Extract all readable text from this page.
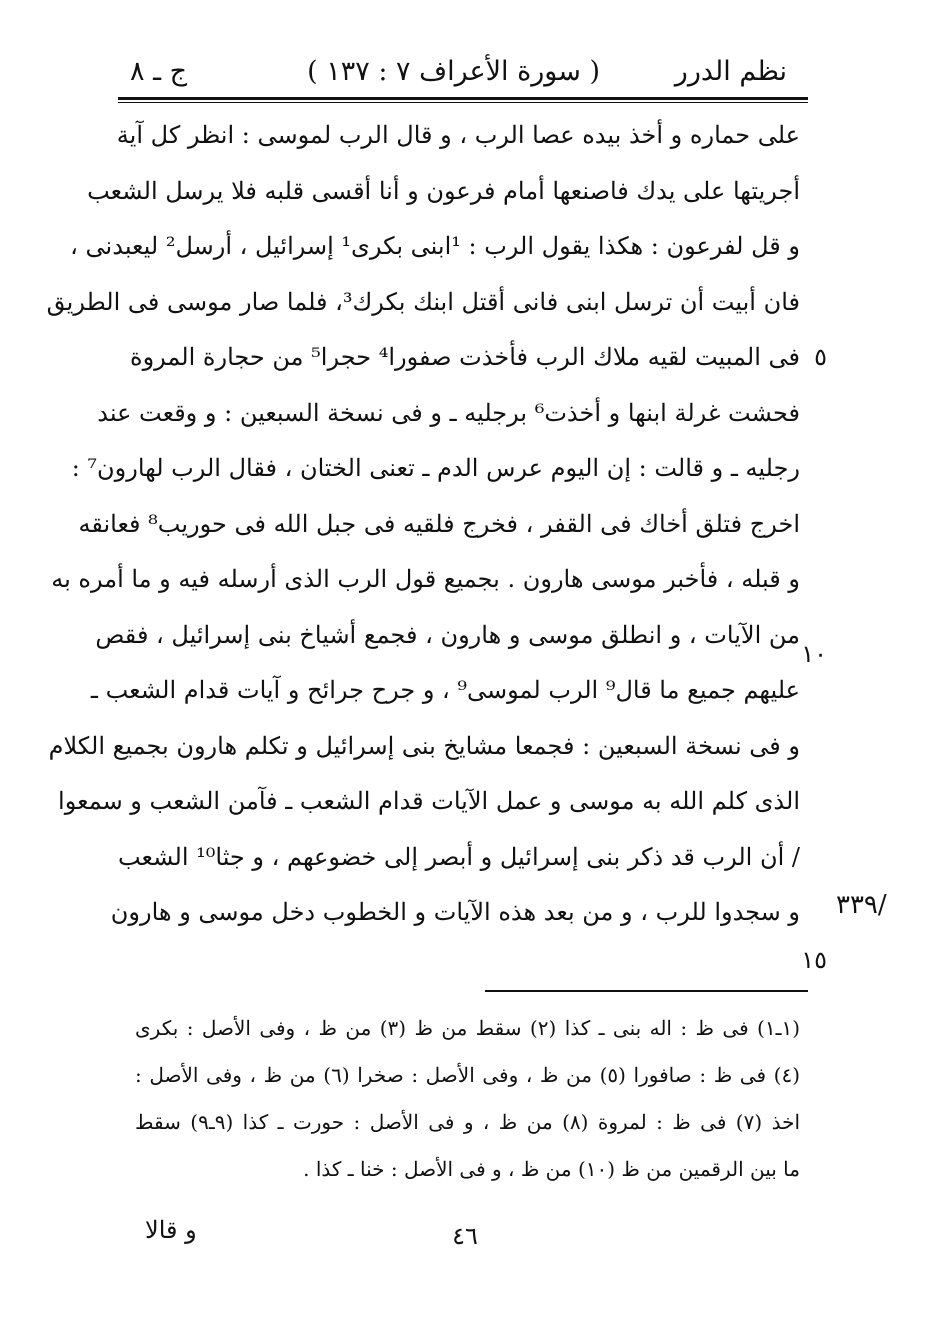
نظم الدرر
( سورة الأعراف ٧ : ١٣٧ )
ج ـ ٨
على حماره و أخذ بيده عصا الرب ، و قال الرب لموسى : انظر كل آية
أجريتها على يدك فاصنعها أمام فرعون و أنا أقسى قلبه فلا يرسل الشعب
و قل لفرعون : هكذا يقول الرب : ¹ابنى بكرى¹ إسرائيل ، أرسل² ليعبدنى ،
فان أبيت أن ترسل ابنى فانى أقتل ابنك بكرك³، فلما صار موسى فى الطريق
فى المبيت لقيه ملاك الرب فأخذت صفورا⁴ حجرا⁵ من حجارة المروة
فحشت غرلة ابنها و أخذت⁶ برجليه ـ و فى نسخة السبعين : و وقعت عند
رجليه ـ و قالت : إن اليوم عرس الدم ـ تعنى الختان ، فقال الرب لهارون⁷ :
اخرج فتلق أخاك فى القفر ، فخرج فلقيه فى جبل الله فى حوريب⁸ فعانقه
و قبله ، فأخبر موسى هارون . بجميع قول الرب الذى أرسله فيه و ما أمره به
من الآيات ، و انطلق موسى و هارون ، فجمع أشياخ بنى إسرائيل ، فقص
عليهم جميع ما قال⁹ الرب لموسى⁹ ، و جرح جرائح و آيات قدام الشعب ـ
و فى نسخة السبعين : فجمعا مشايخ بنى إسرائيل و تكلم هارون بجميع الكلام
الذى كلم الله به موسى و عمل الآيات قدام الشعب ـ فآمن الشعب و سمعوا
/ أن الرب قد ذكر بنى إسرائيل و أبصر إلى خضوعهم ، و جثا¹⁰ الشعب
و سجدوا للرب ، و من بعد هذه الآيات و الخطوب دخل موسى و هارون
٥
١٠
١٥
/٣٣٩
(١ـ١) فى ظ : اله بنى ـ كذا (٢) سقط من ظ (٣) من ظ ، وفى الأصل : بكرى
(٤) فى ظ : صافورا (٥) من ظ ، وفى الأصل : صخرا (٦) من ظ ، وفى الأصل :
اخذ (٧) فى ظ : لمروة (٨) من ظ ، و فى الأصل : حورت ـ كذا (٩ـ٩) سقط
ما بين الرقمين من ظ (١٠) من ظ ، و فى الأصل : خنا ـ كذا .
٤٦
و قالا
